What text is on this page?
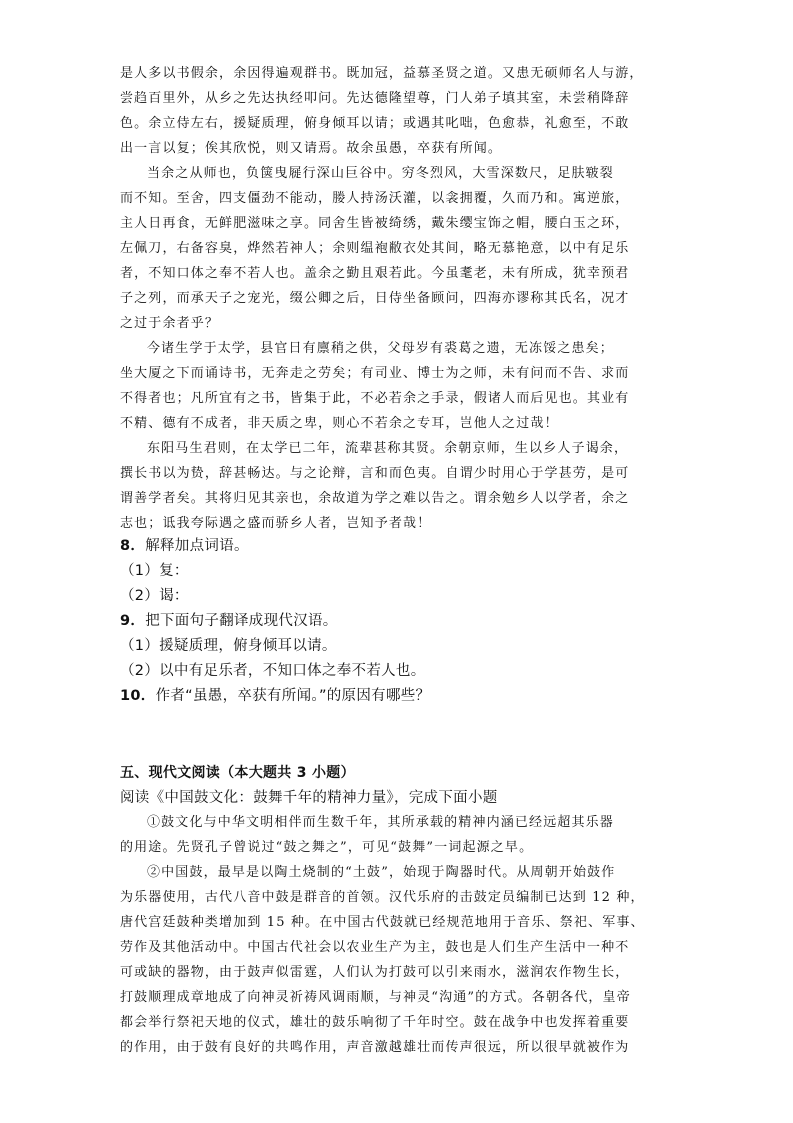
是人多以书假余，余因得遍观群书。既加冠，益慕圣贤之道。又患无硕师名人与游，
尝趋百里外，从乡之先达执经叩问。先达德隆望尊，门人弟子填其室，未尝稍降辞
色。余立侍左右，援疑质理，俯身倾耳以请；或遇其叱咄，色愈恭，礼愈至，不敢
出一言以复；俟其欣悦，则又请焉。故余虽愚，卒获有所闻。
当余之从师也，负箧曳屣行深山巨谷中。穷冬烈风，大雪深数尺，足肤皲裂
而不知。至舍，四支僵劲不能动，媵人持汤沃灌，以衾拥覆，久而乃和。寓逆旅，
主人日再食，无鲜肥滋味之享。同舍生皆被绮绣，戴朱缨宝饰之帽，腰白玉之环，
左佩刀，右备容臭，烨然若神人；余则缊袍敝衣处其间，略无慕艳意，以中有足乐
者，不知口体之奉不若人也。盖余之勤且艰若此。今虽耄老，未有所成，犹幸预君
子之列，而承天子之宠光，缀公卿之后，日侍坐备顾问，四海亦谬称其氏名，况才
之过于余者乎？
今诸生学于太学，县官日有廪稍之供，父母岁有裘葛之遗，无冻馁之患矣；
坐大厦之下而诵诗书，无奔走之劳矣；有司业、博士为之师，未有问而不告、求而
不得者也；凡所宜有之书，皆集于此，不必若余之手录，假诸人而后见也。其业有
不精、德有不成者，非天质之卑，则心不若余之专耳，岂他人之过哉！
东阳马生君则，在太学已二年，流辈甚称其贤。余朝京师，生以乡人子谒余，
撰长书以为贽，辞甚畅达。与之论辩，言和而色夷。自谓少时用心于学甚劳，是可
谓善学者矣。其将归见其亲也，余故道为学之难以告之。谓余勉乡人以学者，余之
志也；诋我夸际遇之盛而骄乡人者，岂知予者哉！
8．解释加点词语。
（1）复：
（2）谒：
9．把下面句子翻译成现代汉语。
（1）援疑质理，俯身倾耳以请。
（2）以中有足乐者，不知口体之奉不若人也。
10．作者“虽愚，卒获有所闻。”的原因有哪些？
五、现代文阅读（本大题共 3 小题）
阅读《中国鼓文化：鼓舞千年的精神力量》，完成下面小题
①鼓文化与中华文明相伴而生数千年，其所承载的精神内涵已经远超其乐器
的用途。先贤孔子曾说过“鼓之舞之”，可见“鼓舞”一词起源之早。
②中国鼓，最早是以陶土烧制的“土鼓”，始现于陶器时代。从周朝开始鼓作
为乐器使用，古代八音中鼓是群音的首领。汉代乐府的击鼓定员编制已达到 12 种，
唐代宫廷鼓种类增加到 15 种。在中国古代鼓就已经规范地用于音乐、祭祀、军事、
劳作及其他活动中。中国古代社会以农业生产为主，鼓也是人们生产生活中一种不
可或缺的器物，由于鼓声似雷霆，人们认为打鼓可以引来雨水，滋润农作物生长，
打鼓顺理成章地成了向神灵祈祷风调雨顺，与神灵“沟通”的方式。各朝各代，皇帝
都会举行祭祀天地的仪式，雄壮的鼓乐响彻了千年时空。鼓在战争中也发挥着重要
的作用，由于鼓有良好的共鸣作用，声音激越雄壮而传声很远，所以很早就被作为
